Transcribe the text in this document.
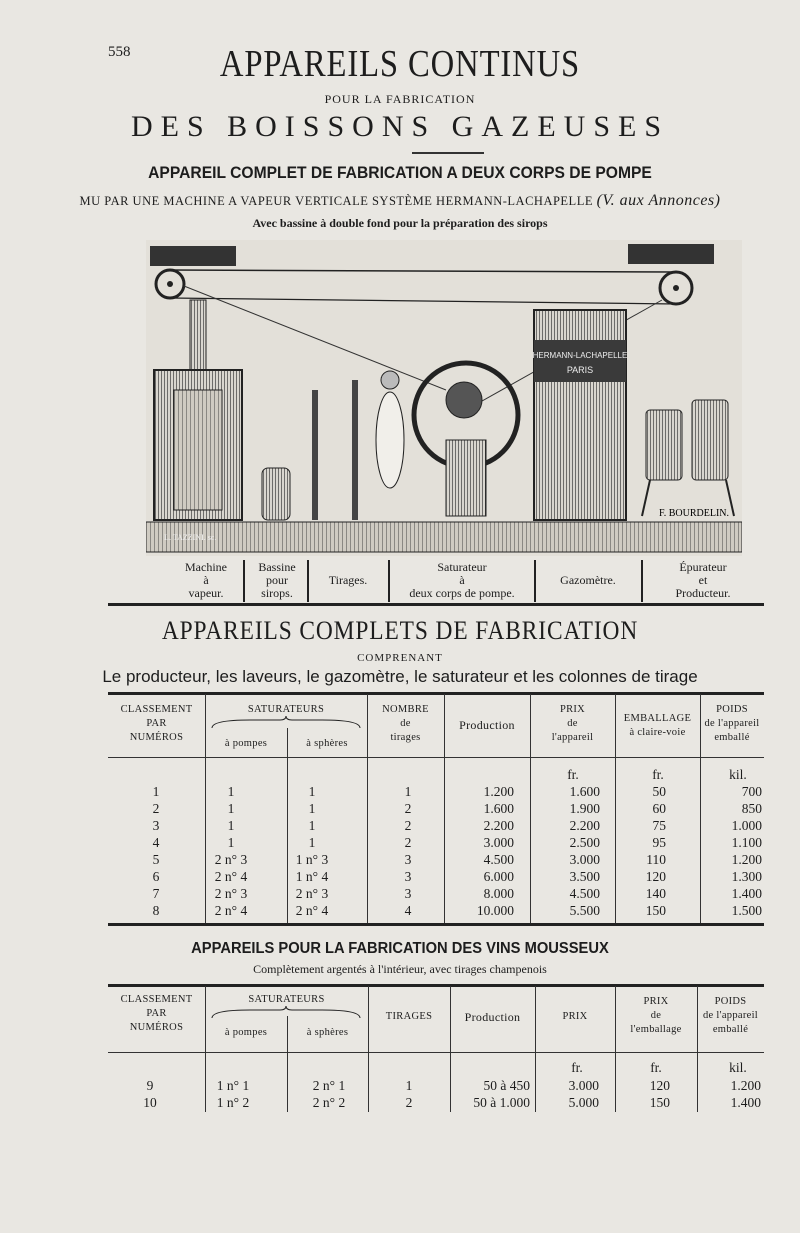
558	APPAREILS CONTINUS
POUR LA FABRICATION
DES BOISSONS GAZEUSES
APPAREIL COMPLET DE FABRICATION A DEUX CORPS DE POMPE
MU PAR UNE MACHINE A VAPEUR VERTICALE SYSTÈME HERMANN-LACHAPELLE (V. aux Annonces)
Avec bassine à double fond pour la préparation des sirops
HERMANN-LACHAPELLE
PARIS
F. BOURDELIN.
L. TAZZINI. sc.
Machine
à
vapeur.
Bassine
pour
sirops.
Tirages.
Saturateur
à
deux corps de pompe.
Gazomètre.
Épurateur
et
Producteur.
APPAREILS COMPLETS DE FABRICATION
COMPRENANT
Le producteur, les laveurs, le gazomètre, le saturateur et les colonnes de tirage
CLASSEMENT
PAR
NUMÉROS
SATURATEURS
à pompes	à sphères
NOMBRE
de
tirages
Production
PRIX
de
l'appareil
EMBALLAGE
à claire-voie
POIDS
de l'appareil
emballé
fr.	fr.	kil.
1	1	1	1	1.200	1.600	50	700
2	1	1	2	1.600	1.900	60	850
3	1	1	2	2.200	2.200	75	1.000
4	1	1	2	3.000	2.500	95	1.100
5	2 n° 3	1 n° 3	3	4.500	3.000	110	1.200
6	2 n° 4	1 n° 4	3	6.000	3.500	120	1.300
7	2 n° 3	2 n° 3	3	8.000	4.500	140	1.400
8	2 n° 4	2 n° 4	4	10.000	5.500	150	1.500
APPAREILS POUR LA FABRICATION DES VINS MOUSSEUX
Complètement argentés à l'intérieur, avec tirages champenois
CLASSEMENT
PAR
NUMÉROS
SATURATEURS
à pompes	à sphères
TIRAGES	Production	PRIX
PRIX
de
l'emballage
POIDS
de l'appareil
emballé
fr.	fr.	kil.
9	1 n° 1	2 n° 1	1	50 à 450	3.000	120	1.200
10	1 n° 2	2 n° 2	2	50 à 1.000	5.000	150	1.400
